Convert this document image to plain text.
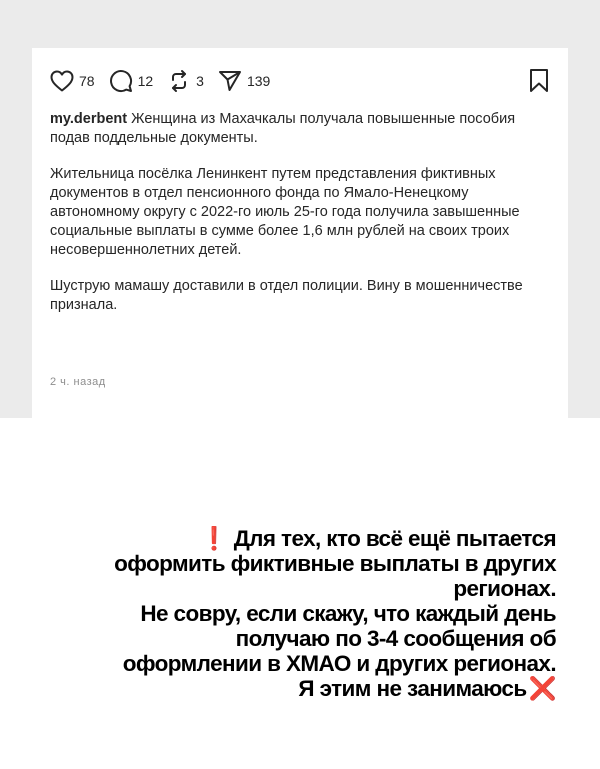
78	12	3	139

my.derbent Женщина из Махачкалы получала повышенные пособия подав поддельные документы.

Жительница посёлка Ленинкент путем представления фиктивных документов в отдел пенсионного фонда по Ямало-Ненецкому автономному округу с 2022-го июль 25-го года получила завышенные социальные выплаты в сумме более 1,6 млн рублей на своих троих несовершеннолетних детей.

Шуструю мамашу доставили в отдел полиции. Вину в мошенничестве признала.

2 ч. назад
❗ Для тех, кто всё ещё пытается
оформить фиктивные выплаты в других
регионах.
Не совру, если скажу, что каждый день
получаю по 3-4 сообщения об
оформлении в ХМАО и других регионах.
Я этим не занимаюсь❌
